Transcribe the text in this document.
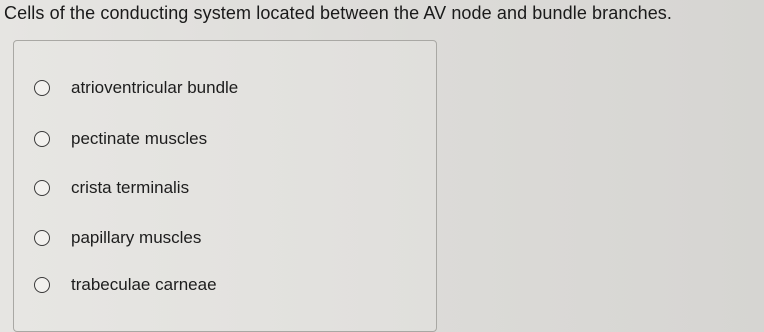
Cells of the conducting system located between the AV node and bundle branches.
atrioventricular bundle
pectinate muscles
crista terminalis
papillary muscles
trabeculae carneae
